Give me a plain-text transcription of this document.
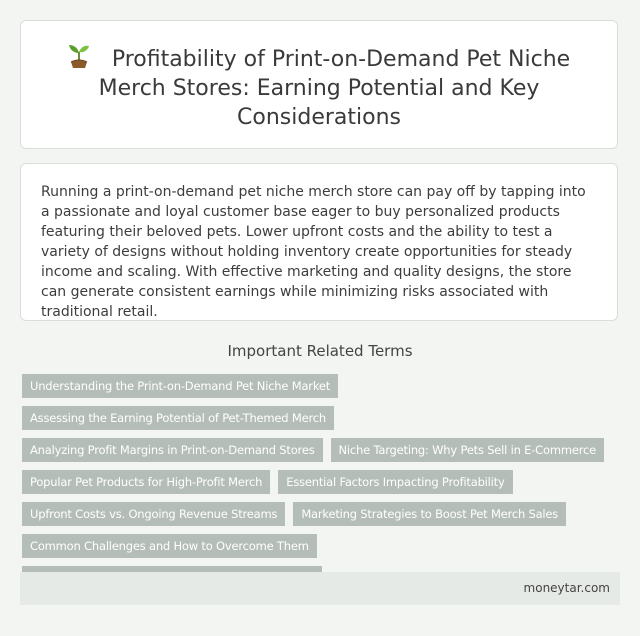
Profitability of Print-on-Demand Pet Niche Merch Stores: Earning Potential and Key Considerations

Running a print-on-demand pet niche merch store can pay off by tapping into a passionate and loyal customer base eager to buy personalized products featuring their beloved pets. Lower upfront costs and the ability to test a variety of designs without holding inventory create opportunities for steady income and scaling. With effective marketing and quality designs, the store can generate consistent earnings while minimizing risks associated with traditional retail.

Important Related Terms
Understanding the Print-on-Demand Pet Niche Market
Assessing the Earning Potential of Pet-Themed Merch
Analyzing Profit Margins in Print-on-Demand Stores	Niche Targeting: Why Pets Sell in E-Commerce
Popular Pet Products for High-Profit Merch	Essential Factors Impacting Profitability
Upfront Costs vs. Ongoing Revenue Streams	Marketing Strategies to Boost Pet Merch Sales
Common Challenges and How to Overcome Them
moneytar.com
